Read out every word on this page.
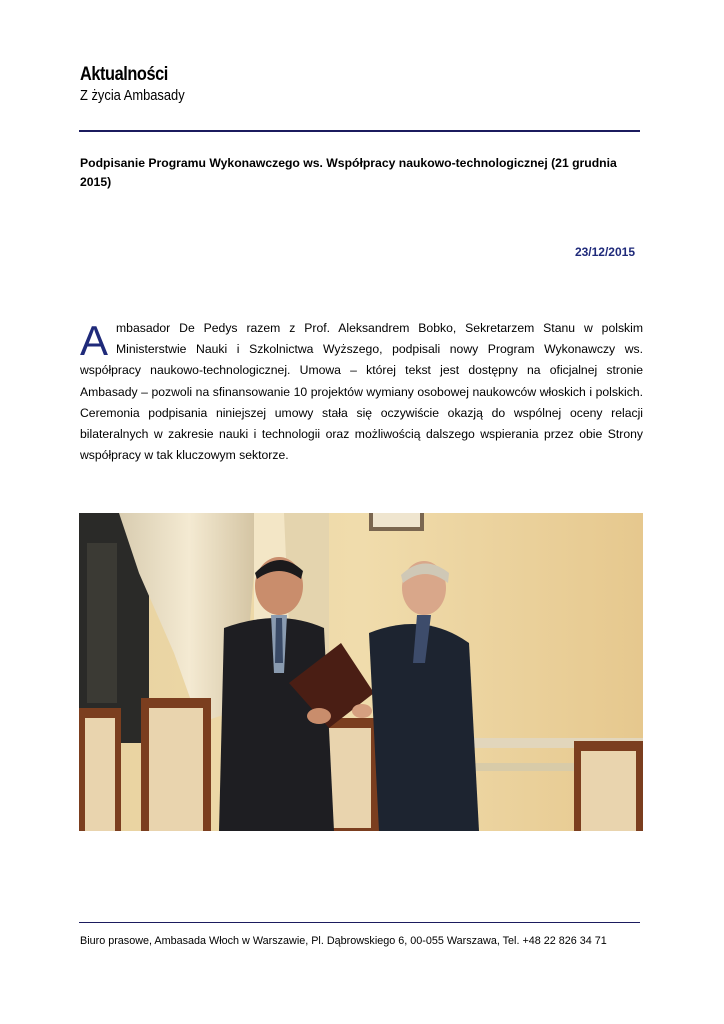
Aktualności
Z życia Ambasady
Podpisanie Programu Wykonawczego ws. Współpracy naukowo-technologicznej (21 grudnia 2015)
23/12/2015
A mbasador De Pedys razem z Prof. Aleksandrem Bobko, Sekretarzem Stanu w polskim Ministerstwie Nauki i Szkolnictwa Wyższego, podpisali nowy Program Wykonawczy ws. współpracy naukowo-technologicznej. Umowa – której tekst jest dostępny na oficjalnej stronie Ambasady – pozwoli na sfinansowanie 10 projektów wymiany osobowej naukowców włoskich i polskich. Ceremonia podpisania niniejszej umowy stała się oczywiście okazją do wspólnej oceny relacji bilateralnych w zakresie nauki i technologii oraz możliwością dalszego wspierania przez obie Strony współpracy w tak kluczowym sektorze.
Biuro prasowe, Ambasada Włoch w Warszawie, Pl. Dąbrowskiego 6, 00-055 Warszawa, Tel. +48 22 826 34 71
